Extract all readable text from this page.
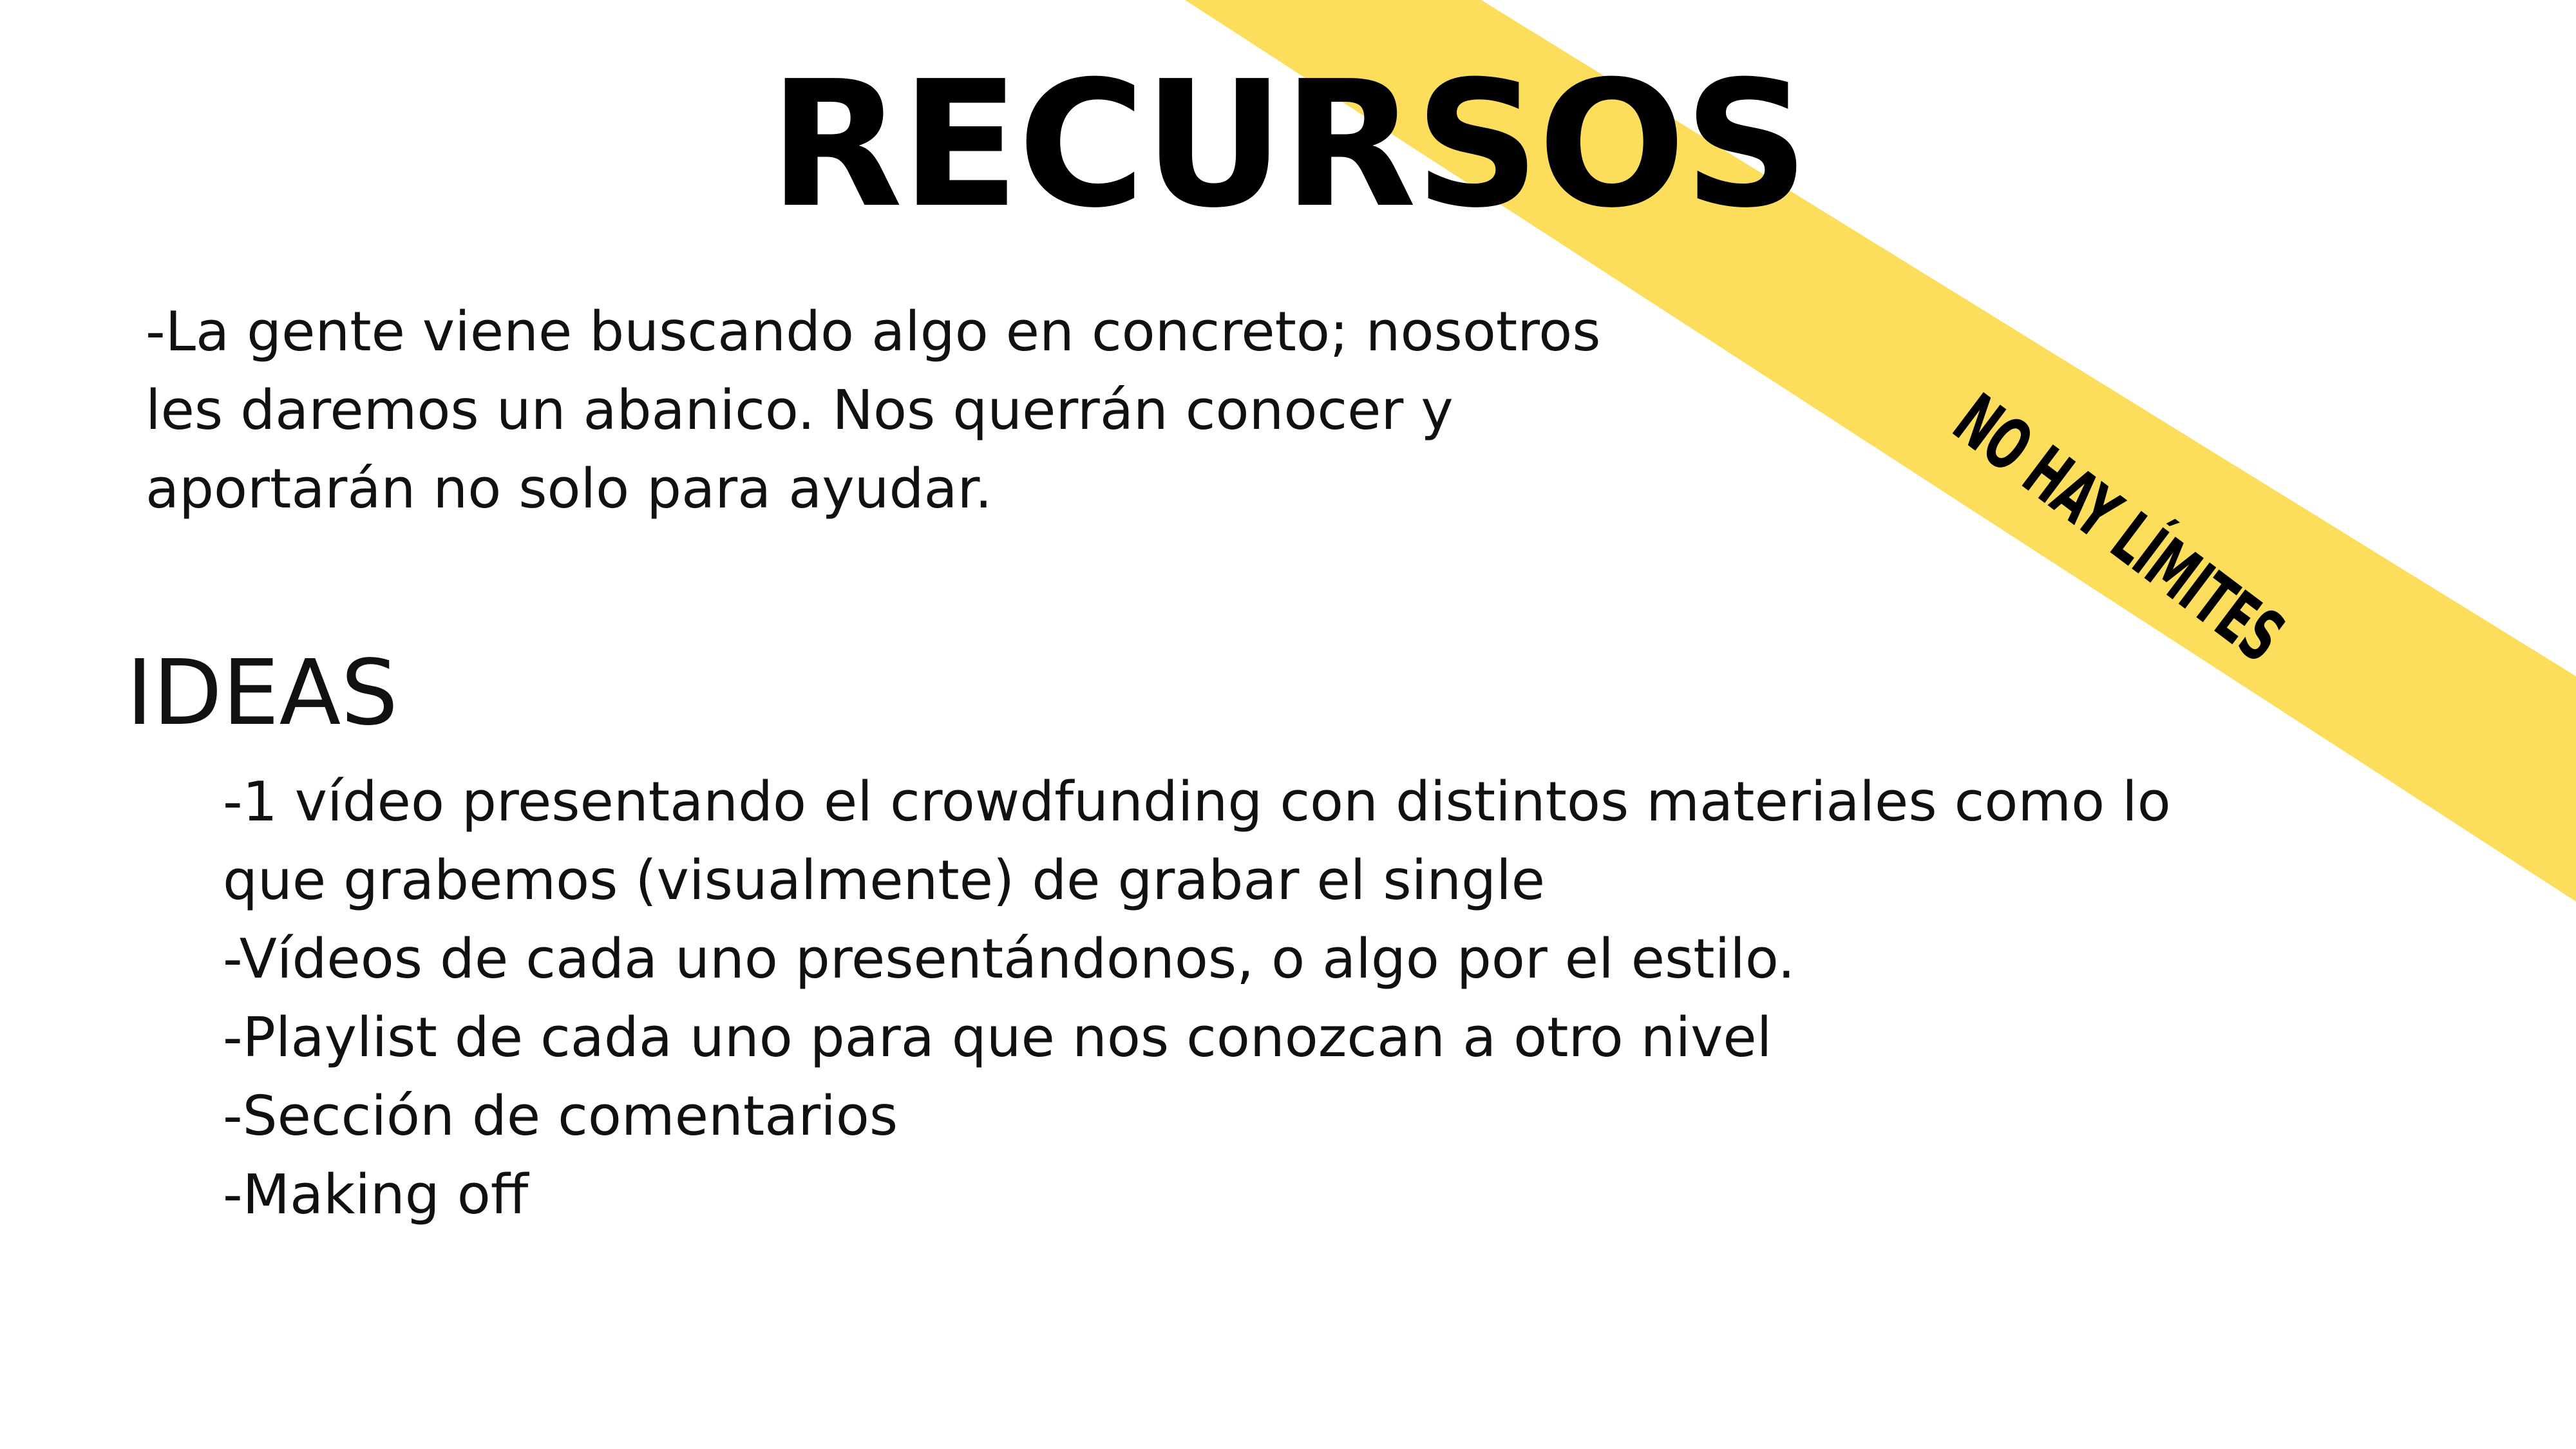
RECURSOS

-La gente viene buscando algo en concreto; nosotros les daremos un abanico. Nos querrán conocer y aportarán no solo para ayudar.

IDEAS
-1 vídeo presentando el crowdfunding con distintos materiales como lo que grabemos (visualmente) de grabar el single
-Vídeos de cada uno presentándonos, o algo por el estilo.
-Playlist de cada uno para que nos conozcan a otro nivel
-Sección de comentarios
-Making off
NO HAY LÍMITES
